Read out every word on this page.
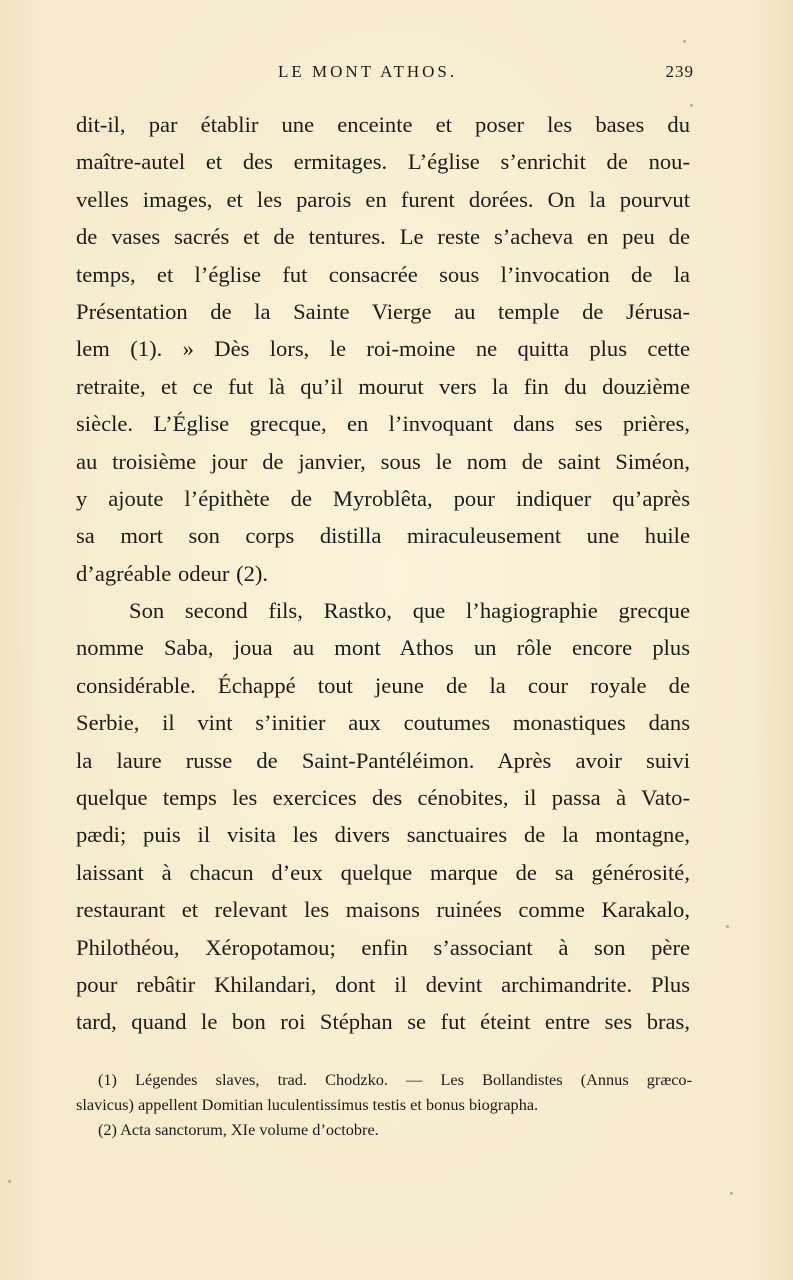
LE MONT ATHOS.	239
dit-il, par établir une enceinte et poser les bases du
maître-autel et des ermitages. L’église s’enrichit de nou-
velles images, et les parois en furent dorées. On la pourvut
de vases sacrés et de tentures. Le reste s’acheva en peu de
temps, et l’église fut consacrée sous l’invocation de la
Présentation de la Sainte Vierge au temple de Jérusa-
lem (1). » Dès lors, le roi-moine ne quitta plus cette
retraite, et ce fut là qu’il mourut vers la fin du douzième
siècle. L’Église grecque, en l’invoquant dans ses prières,
au troisième jour de janvier, sous le nom de saint Siméon,
y ajoute l’épithète de Myroblêta, pour indiquer qu’après
sa mort son corps distilla miraculeusement une huile
d’agréable odeur (2).
Son second fils, Rastko, que l’hagiographie grecque
nomme Saba, joua au mont Athos un rôle encore plus
considérable. Échappé tout jeune de la cour royale de
Serbie, il vint s’initier aux coutumes monastiques dans
la laure russe de Saint-Pantéléimon. Après avoir suivi
quelque temps les exercices des cénobites, il passa à Vato-
pædi; puis il visita les divers sanctuaires de la montagne,
laissant à chacun d’eux quelque marque de sa générosité,
restaurant et relevant les maisons ruinées comme Karakalo,
Philothéou, Xéropotamou; enfin s’associant à son père
pour rebâtir Khilandari, dont il devint archimandrite. Plus
tard, quand le bon roi Stéphan se fut éteint entre ses bras,
(1) Légendes slaves, trad. Chodzko. — Les Bollandistes (Annus græco-
slavicus) appellent Domitian luculentissimus testis et bonus biographa.
(2) Acta sanctorum, XIe volume d’octobre.
